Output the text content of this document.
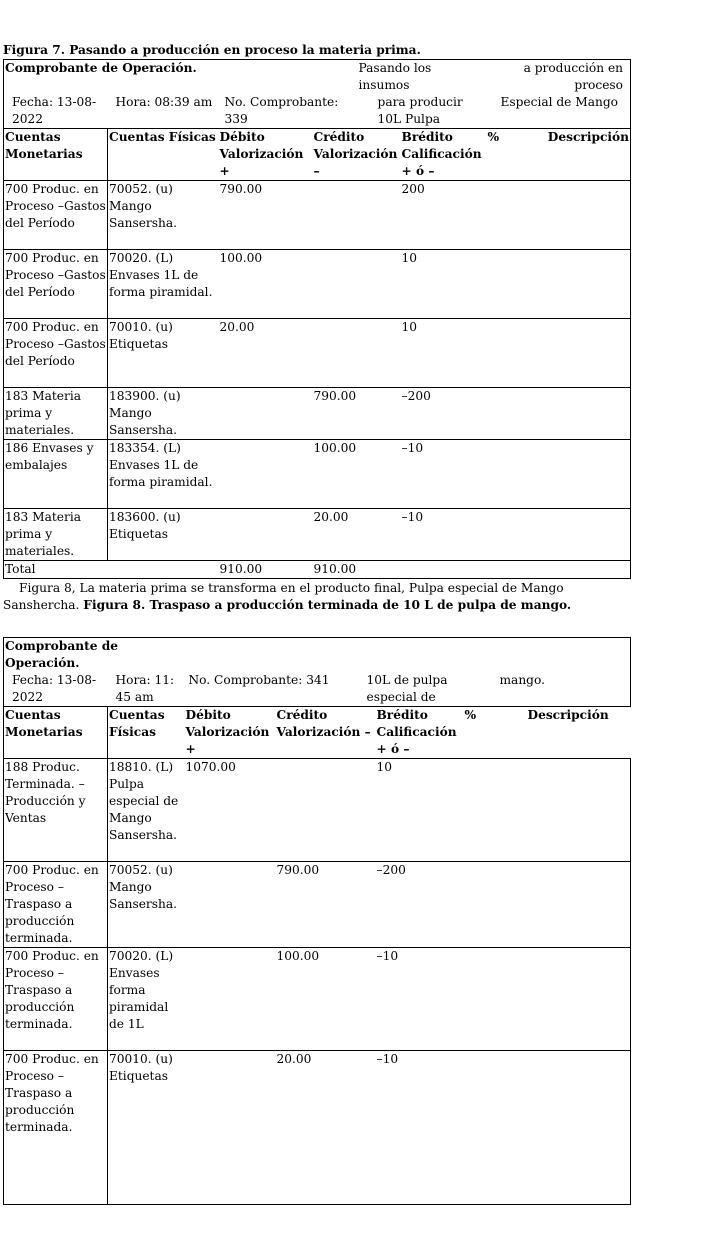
Figura 7. Pasando a producción en proceso la materia prima.
Comprobante de Operación.				Pasando los insumos	a producción en proceso	
Fecha: 13-08-2022	Hora: 08:39 am	No. Comprobante: 339		para producir 10L Pulpa	Especial de Mango	
Cuentas Monetarias	Cuentas Físicas	Débito Valorización +	Crédito Valorización –	Brédito Calificación + ó –	%	Descripción
700 Produc. en Proceso –Gastos del Período	70052. (u) Mango Sansersha.	790.00		200		
700 Produc. en Proceso –Gastos del Período	70020. (L) Envases 1L de forma piramidal.	100.00		10		
700 Produc. en Proceso –Gastos del Período	70010. (u) Etiquetas	20.00		10		
183 Materia prima y materiales.	183900. (u) Mango Sansersha.		790.00	–200		

186 Envases y embalajes	183354. (L) Envases 1L de forma piramidal.		100.00	–10		
183 Materia prima y materiales.	183600. (u) Etiquetas		20.00	–10		
Total		910.00	910.00			
Figura 8, La materia prima se transforma en el producto final, Pulpa especial de Mango Sanshercha. Figura 8. Traspaso a producción terminada de 10 L de pulpa de mango.
Comprobante de Operación.						
Fecha: 13-08-2022	Hora: 11: 45 am	No. Comprobante: 341		10L de pulpa especial de	mango.	
Cuentas Monetarias	Cuentas Físicas	Débito Valorización +	Crédito Valorización –	Brédito Calificación + ó –	%	Descripción
188 Produc. Terminada. –Producción y Ventas	18810. (L) Pulpa especial de Mango Sansersha.	1070.00		10		
700 Produc. en Proceso –Traspaso a producción terminada.	70052. (u) Mango Sansersha.		790.00	–200		
700 Produc. en Proceso –Traspaso a producción terminada.	70020. (L) Envases forma piramidal de 1L		100.00	–10		
700 Produc. en Proceso –Traspaso a producción terminada.	70010. (u) Etiquetas		20.00	–10		
